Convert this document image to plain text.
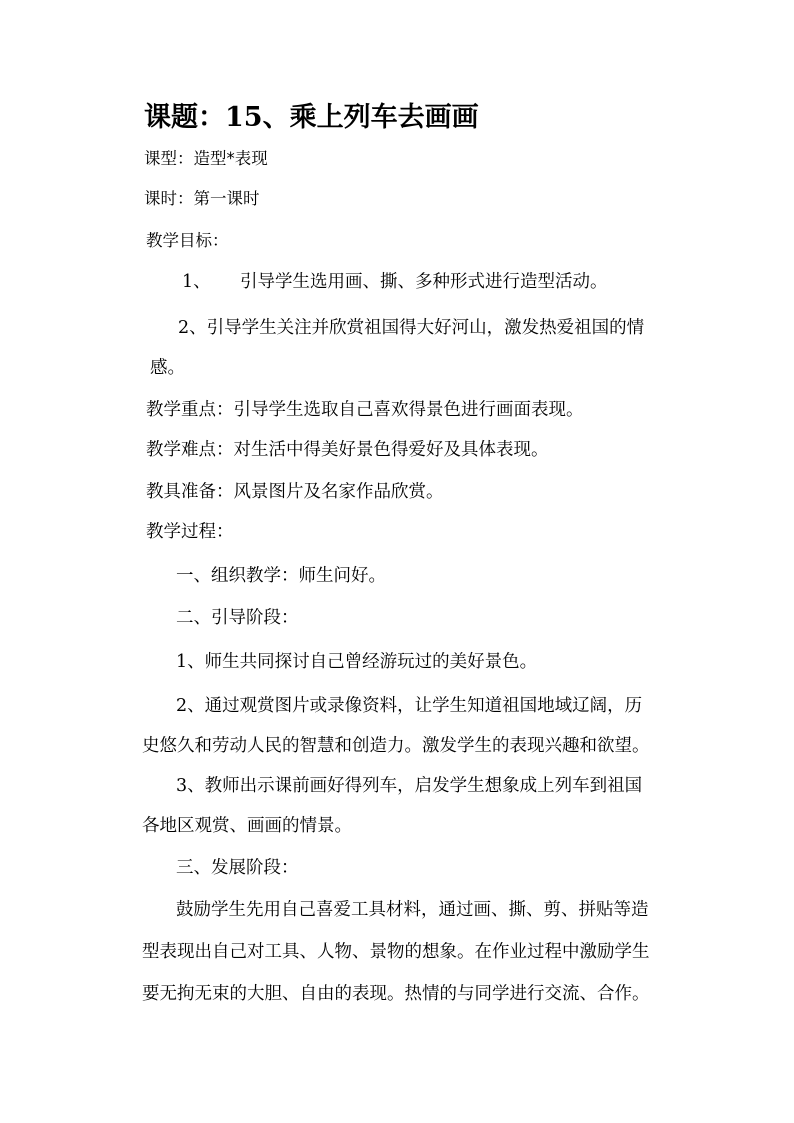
课题：15、乘上列车去画画
课型：造型*表现
课时：第一课时
教学目标：
1、 引导学生选用画、撕、多种形式进行造型活动。
2、引导学生关注并欣赏祖国得大好河山，激发热爱祖国的情
感。
教学重点：引导学生选取自己喜欢得景色进行画面表现。
教学难点：对生活中得美好景色得爱好及具体表现。
教具准备：风景图片及名家作品欣赏。
教学过程：
一、组织教学：师生问好。
二、引导阶段：
1、师生共同探讨自己曾经游玩过的美好景色。
2、通过观赏图片或录像资料，让学生知道祖国地域辽阔，历
史悠久和劳动人民的智慧和创造力。激发学生的表现兴趣和欲望。
3、教师出示课前画好得列车，启发学生想象成上列车到祖国
各地区观赏、画画的情景。
三、发展阶段：
鼓励学生先用自己喜爱工具材料，通过画、撕、剪、拼贴等造
型表现出自己对工具、人物、景物的想象。在作业过程中激励学生
要无拘无束的大胆、自由的表现。热情的与同学进行交流、合作。
